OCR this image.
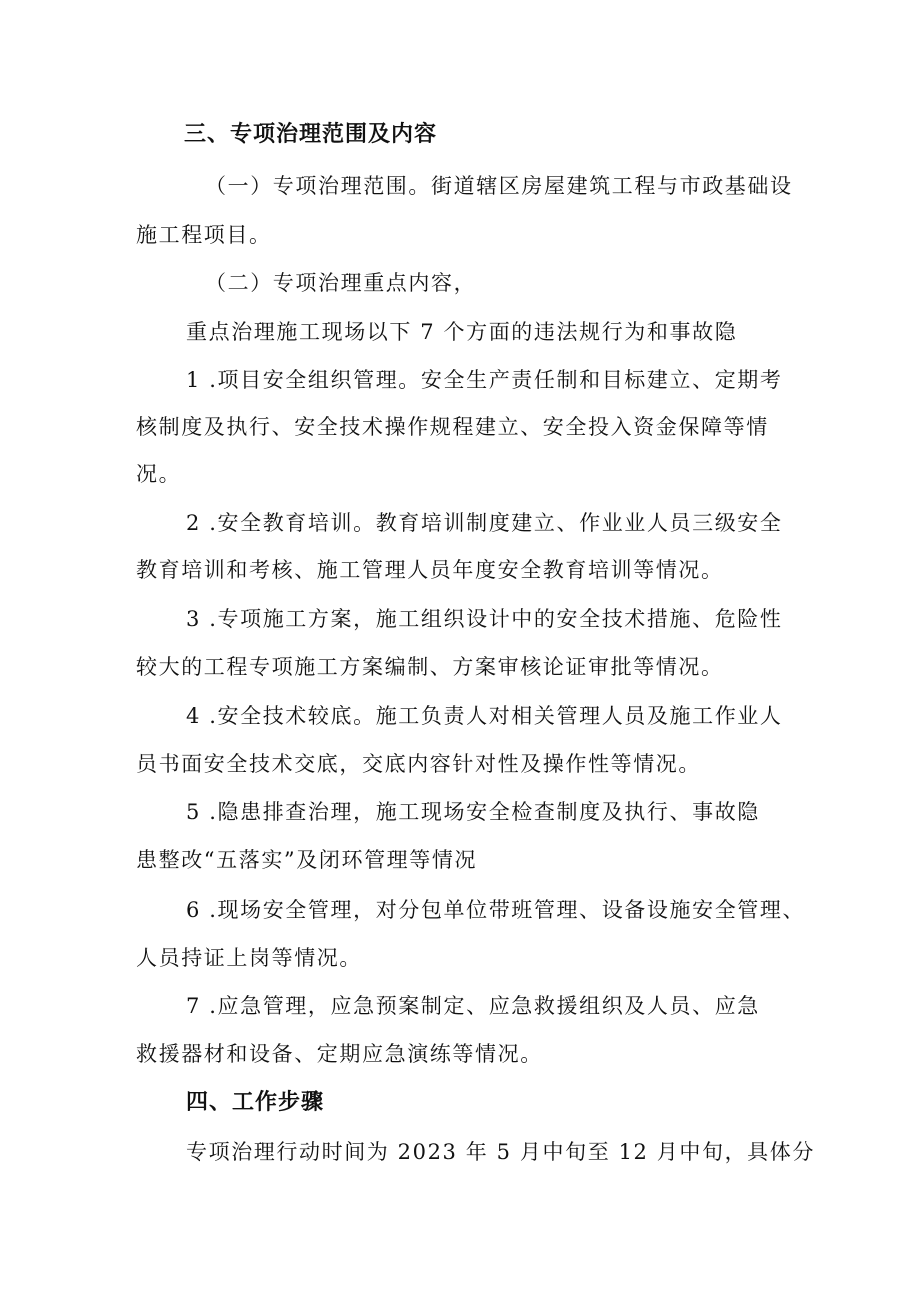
三、专项治理范围及内容
（一）专项治理范围。街道辖区房屋建筑工程与市政基础设
施工程项目。
（二）专项治理重点内容，
重点治理施工现场以下 7 个方面的违法规行为和事故隐
1 .项目安全组织管理。安全生产责任制和目标建立、定期考
核制度及执行、安全技术操作规程建立、安全投入资金保障等情
况。
2 .安全教育培训。教育培训制度建立、作业业人员三级安全
教育培训和考核、施工管理人员年度安全教育培训等情况。
3 .专项施工方案，施工组织设计中的安全技术措施、危险性
较大的工程专项施工方案编制、方案审核论证审批等情况。
4 .安全技术较底。施工负责人对相关管理人员及施工作业人
员书面安全技术交底，交底内容针对性及操作性等情况。
5 .隐患排查治理，施工现场安全检查制度及执行、事故隐
患整改“五落实”及闭环管理等情况
6 .现场安全管理，对分包单位带班管理、设备设施安全管理、
人员持证上岗等情况。
7 .应急管理，应急预案制定、应急救援组织及人员、应急
救援器材和设备、定期应急演练等情况。
四、工作步骤
专项治理行动时间为 2023 年 5 月中旬至 12 月中旬，具体分
